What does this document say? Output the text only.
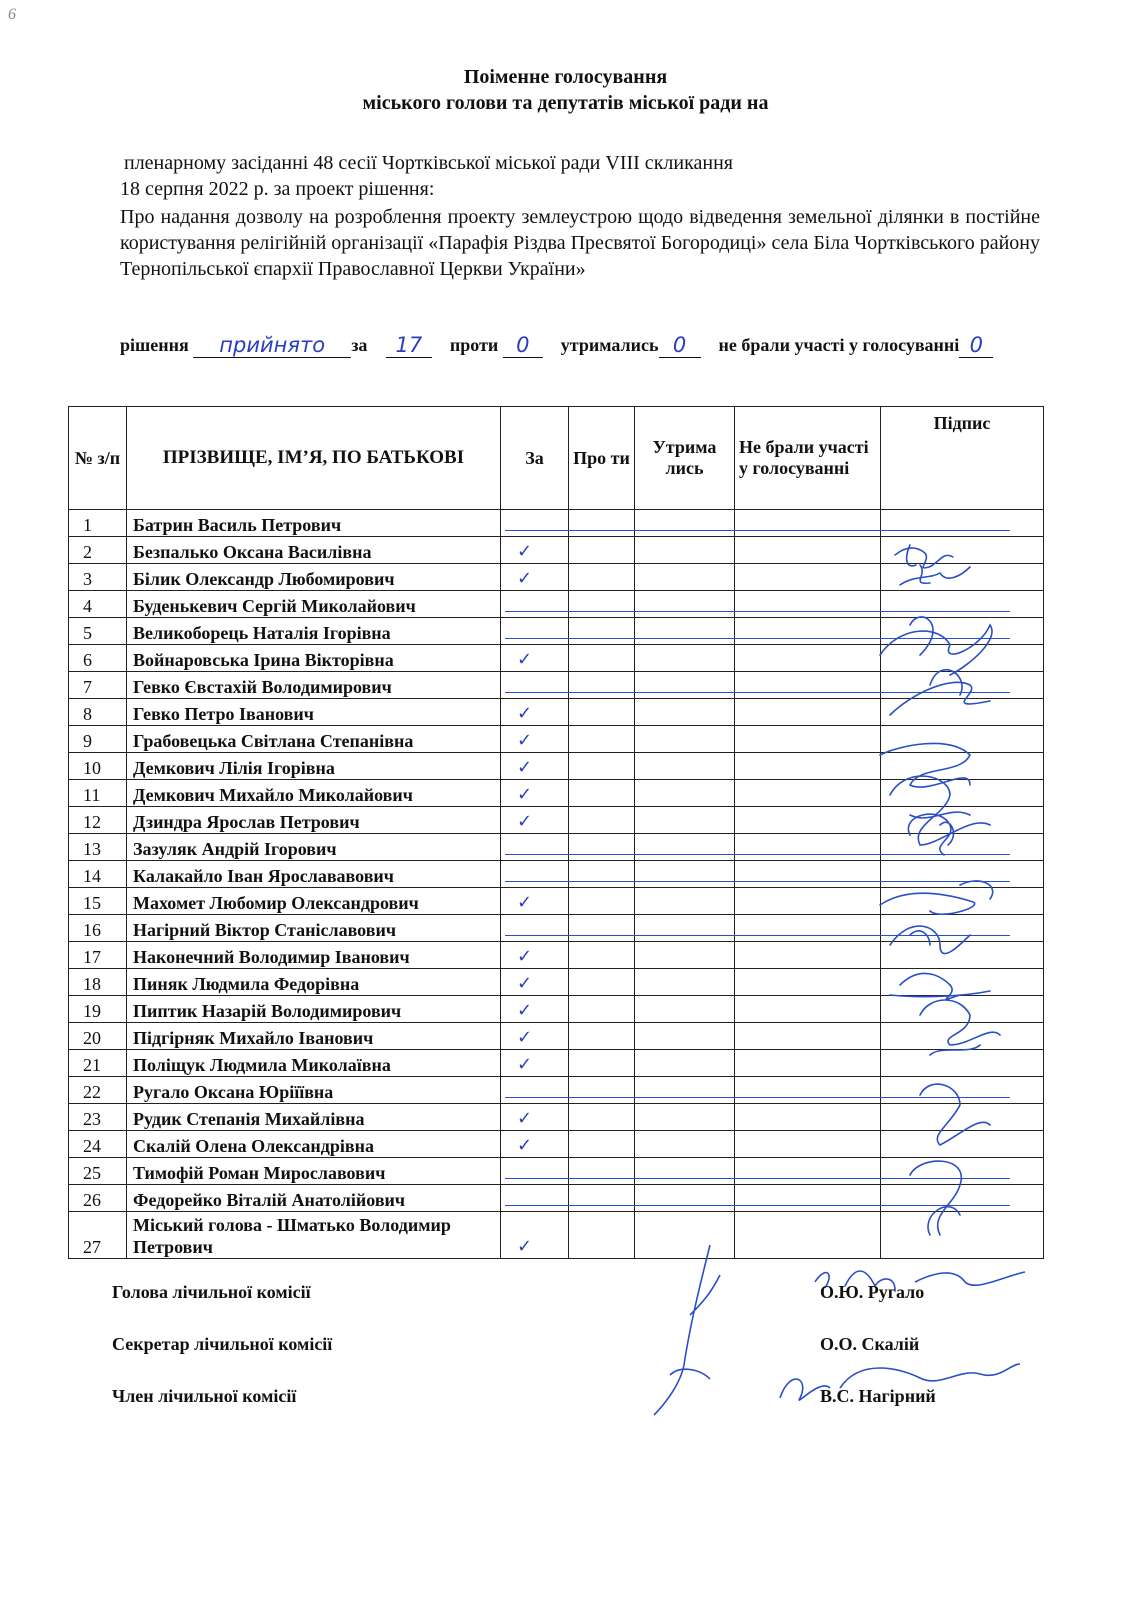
6
Поіменне голосування
міського голови та депутатів міської ради на
пленарному засіданні 48 сесії Чортківської міської ради VIII скликання
18 серпня 2022 р. за проект рішення:
Про надання дозволу на розроблення проекту землеустрою щодо відведення земельної ділянки в постійне користування релігійній організації «Парафія Різдва Пресвятої Богородиці» села Біла Чортківського району Тернопільської єпархії Православної Церкви України»
рішення прийнято за 17 проти 0 утримались 0 не брали участі у голосуванні 0
№ з/п	ПРІЗВИЩЕ, ІМ’Я, ПО БАТЬКОВІ	За	Про ти	Утрима лись	Не брали участі у голосуванні	Підпис
1	Батрин Василь Петрович					
2	Безпалько Оксана Василівна	✓				
3	Білик Олександр Любомирович	✓				
4	Буденькевич Сергій Миколайович					
5	Великоборець Наталія Ігорівна					
6	Войнаровська Ірина Вікторівна	✓				
7	Гевко Євстахій Володимирович					
8	Гевко Петро Іванович	✓				
9	Грабовецька Світлана Степанівна	✓				
10	Демкович Лілія Ігорівна	✓				
11	Демкович Михайло Миколайович	✓				
12	Дзиндра Ярослав Петрович	✓				
13	Зазуляк Андрій Ігорович					
14	Калакайло Іван Ярослававович					
15	Махомет Любомир Олександрович	✓				
16	Нагірний Віктор Станіславович					
17	Наконечний Володимир Іванович	✓				
18	Пиняк Людмила Федорівна	✓				
19	Пиптик Назарій Володимирович	✓				
20	Підгірняк Михайло Іванович	✓				
21	Поліщук Людмила Миколаївна	✓				
22	Ругало Оксана Юріїївна					
23	Рудик Степанія Михайлівна	✓				
24	Скалій Олена Олександрівна	✓				
25	Тимофій Роман Мирославович					
26	Федорейко Віталій Анатолійович					
27	Міський голова - Шматько Володимир Петрович	✓				
Голова лічильної комісії	О.Ю. Ругало
Секретар лічильної комісії	О.О. Скалій
Член лічильної комісії	В.С. Нагірний
